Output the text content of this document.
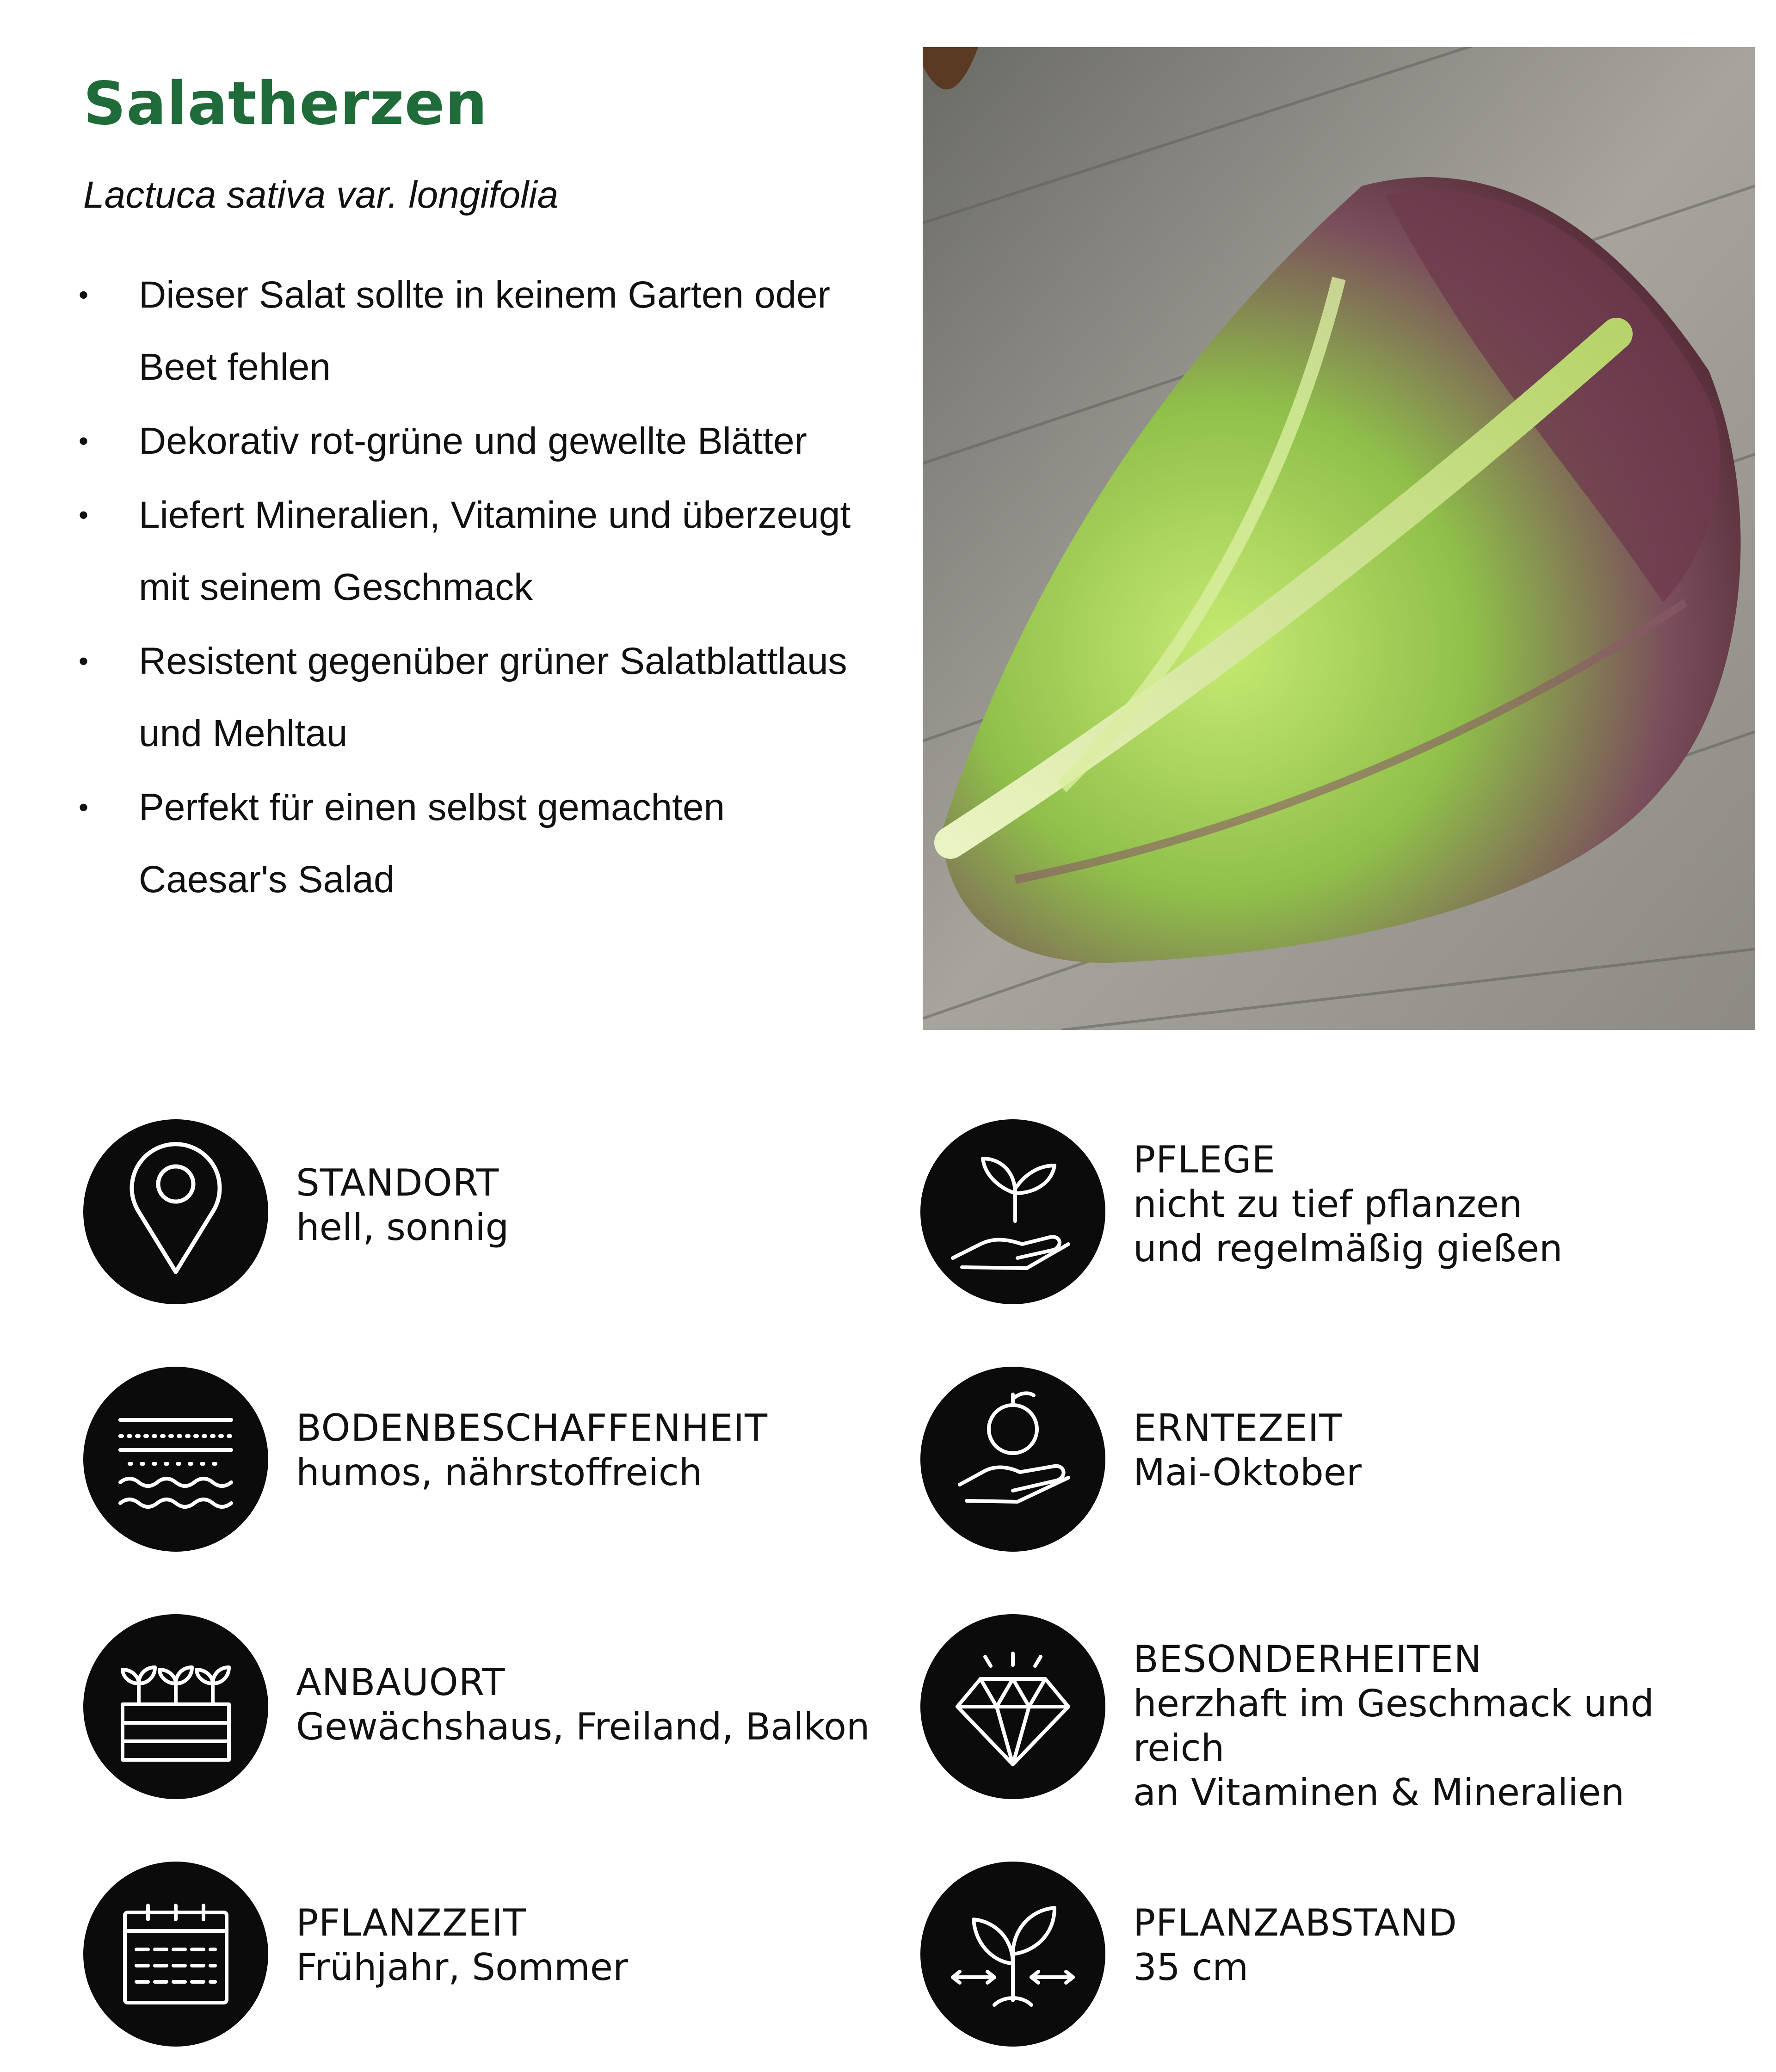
Salatherzen
Lactuca sativa var. longifolia
• Dieser Salat sollte in keinem Garten oder Beet fehlen
• Dekorativ rot-grüne und gewellte Blätter
• Liefert Mineralien, Vitamine und überzeugt mit seinem Geschmack
• Resistent gegenüber grüner Salatblattlaus und Mehltau
• Perfekt für einen selbst gemachten Caesar's Salad
STANDORT
hell, sonnig
PFLEGE
nicht zu tief pflanzen
und regelmäßig gießen
BODENBESCHAFFENHEIT
humos, nährstoffreich
ERNTEZEIT
Mai-Oktober
ANBAUORT
Gewächshaus, Freiland, Balkon
BESONDERHEITEN
herzhaft im Geschmack und reich
an Vitaminen & Mineralien
PFLANZZEIT
Frühjahr, Sommer
PFLANZABSTAND
35 cm
